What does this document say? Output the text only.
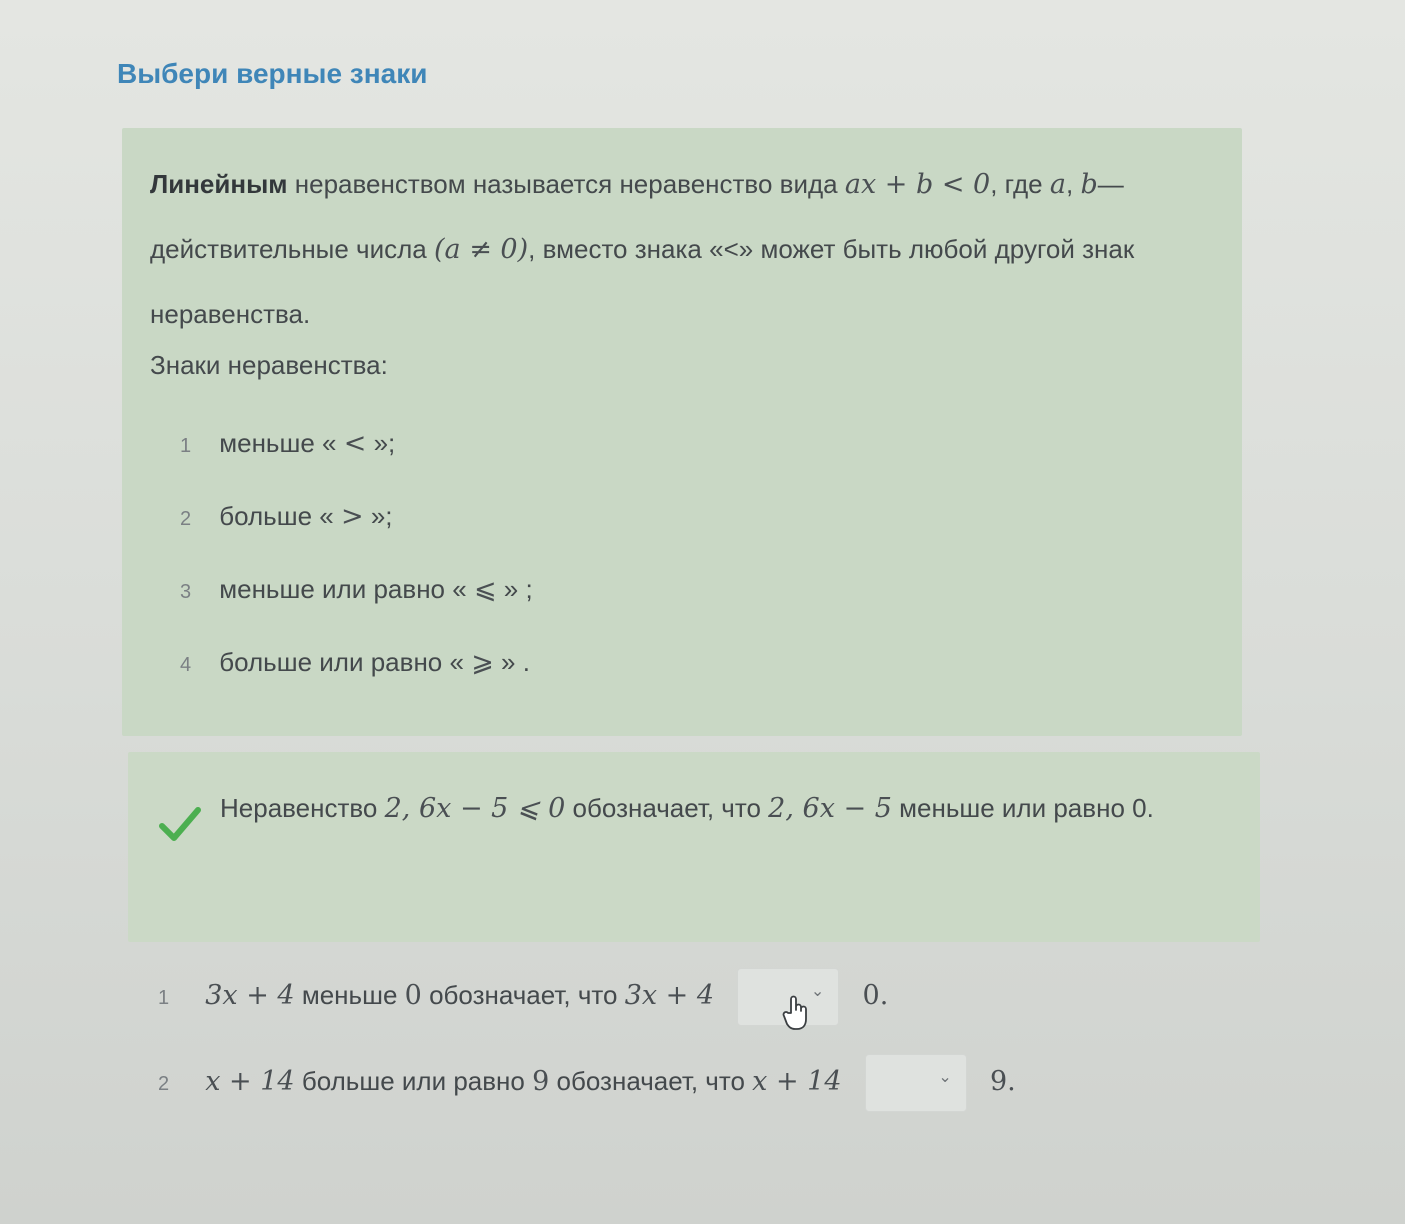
Выбери верные знаки
Линейным неравенством называется неравенство вида ax + b < 0, где a, b— действительные числа (a ≠ 0), вместо знака «<» может быть любой другой знак неравенства.
Знаки неравенства:
1 меньше « < »;
2 больше « > »;
3 меньше или равно « ⩽ » ;
4 больше или равно « ⩾ » .
Неравенство 2, 6x − 5 ⩽ 0 обозначает, что 2, 6x − 5 меньше или равно 0.
1 3x + 4 меньше 0 обозначает, что 3x + 4	⌄ 0.
2 x + 14 больше или равно 9 обозначает, что x + 14	⌄ 9.
